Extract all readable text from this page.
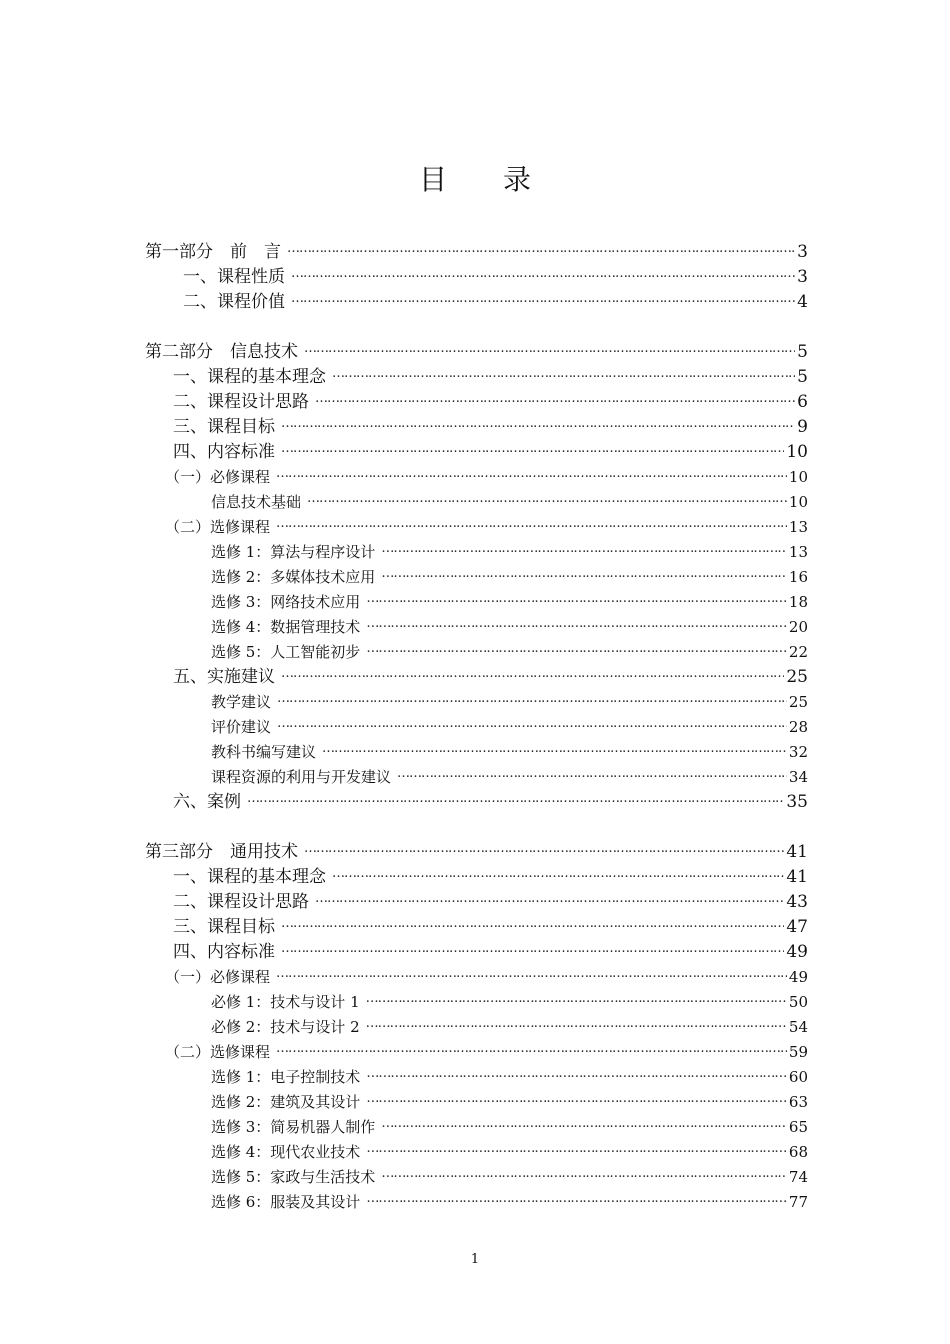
目 录
第一部分　前　言 ……………………………………………………………………………………………………………………………………………………………………………………………………………………	3
一、课程性质 ……………………………………………………………………………………………………………………………………………………………………………………………………………………	3
二、课程价值 ……………………………………………………………………………………………………………………………………………………………………………………………………………………	4
第二部分　信息技术 ……………………………………………………………………………………………………………………………………………………………………………………………………………………	5
一、课程的基本理念 ……………………………………………………………………………………………………………………………………………………………………………………………………………………	5
二、课程设计思路 ……………………………………………………………………………………………………………………………………………………………………………………………………………………	6
三、课程目标 ……………………………………………………………………………………………………………………………………………………………………………………………………………………	9
四、内容标准 ……………………………………………………………………………………………………………………………………………………………………………………………………………………	10
（一）必修课程 ……………………………………………………………………………………………………………………………………………………………………………………………………………………	10
信息技术基础 ……………………………………………………………………………………………………………………………………………………………………………………………………………………	10
（二）选修课程 ……………………………………………………………………………………………………………………………………………………………………………………………………………………	13
选修 1：算法与程序设计 ……………………………………………………………………………………………………………………………………………………………………………………………………………………	13
选修 2：多媒体技术应用 ……………………………………………………………………………………………………………………………………………………………………………………………………………………	16
选修 3：网络技术应用 ……………………………………………………………………………………………………………………………………………………………………………………………………………………	18
选修 4：数据管理技术 ……………………………………………………………………………………………………………………………………………………………………………………………………………………	20
选修 5：人工智能初步 ……………………………………………………………………………………………………………………………………………………………………………………………………………………	22
五、实施建议 ……………………………………………………………………………………………………………………………………………………………………………………………………………………	25
教学建议 ……………………………………………………………………………………………………………………………………………………………………………………………………………………	25
评价建议 ……………………………………………………………………………………………………………………………………………………………………………………………………………………	28
教科书编写建议 ……………………………………………………………………………………………………………………………………………………………………………………………………………………	32
课程资源的利用与开发建议 ……………………………………………………………………………………………………………………………………………………………………………………………………………………	34
六、案例 ……………………………………………………………………………………………………………………………………………………………………………………………………………………	35
第三部分　通用技术 ……………………………………………………………………………………………………………………………………………………………………………………………………………………	41
一、课程的基本理念 ……………………………………………………………………………………………………………………………………………………………………………………………………………………	41
二、课程设计思路 ……………………………………………………………………………………………………………………………………………………………………………………………………………………	43
三、课程目标 ……………………………………………………………………………………………………………………………………………………………………………………………………………………	47
四、内容标准 ……………………………………………………………………………………………………………………………………………………………………………………………………………………	49
（一）必修课程 ……………………………………………………………………………………………………………………………………………………………………………………………………………………	49
必修 1：技术与设计 1 ……………………………………………………………………………………………………………………………………………………………………………………………………………………	50
必修 2：技术与设计 2 ……………………………………………………………………………………………………………………………………………………………………………………………………………………	54
（二）选修课程 ……………………………………………………………………………………………………………………………………………………………………………………………………………………	59
选修 1：电子控制技术 ……………………………………………………………………………………………………………………………………………………………………………………………………………………	60
选修 2：建筑及其设计 ……………………………………………………………………………………………………………………………………………………………………………………………………………………	63
选修 3：简易机器人制作 ……………………………………………………………………………………………………………………………………………………………………………………………………………………	65
选修 4：现代农业技术 ……………………………………………………………………………………………………………………………………………………………………………………………………………………	68
选修 5：家政与生活技术 ……………………………………………………………………………………………………………………………………………………………………………………………………………………	74
选修 6：服装及其设计 ……………………………………………………………………………………………………………………………………………………………………………………………………………………	77
1
